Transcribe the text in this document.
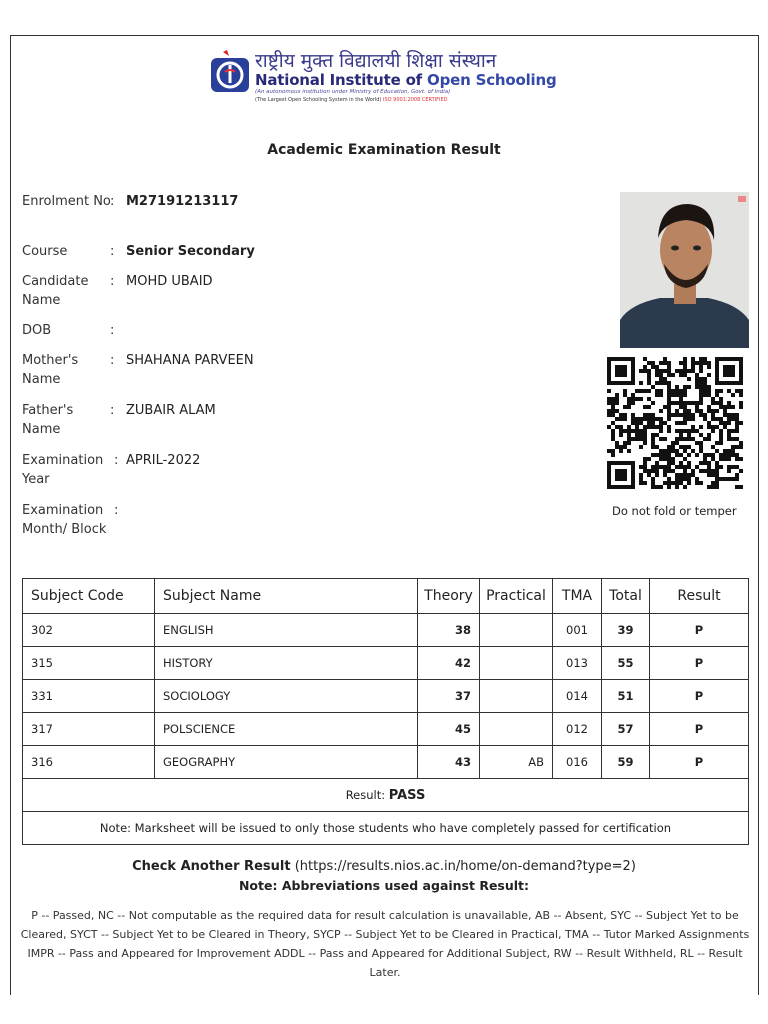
राष्ट्रीय मुक्त विद्यालयी शिक्षा संस्थान
National Institute of Open Schooling
(An autonomous institution under Ministry of Education, Govt. of India)
(The Largest Open Schooling System in the World) ISO 9001:2008 CERTIFIED
Academic Examination Result
Enrolment No : M27191213117
Course	: Senior Secondary
Candidate Name
: MOHD UBAID
DOB	:
Mother's Name
: SHAHANA PARVEEN
Father's Name
: ZUBAIR ALAM
Examination Year
: APRIL-2022
Examination Month/ Block
:	Do not fold or temper
Subject Code	Subject Name	Theory	Practical	TMA	Total	Result
302	ENGLISH	38		001	39	P
315	HISTORY	42		013	55	P
331	SOCIOLOGY	37		014	51	P
317	POLSCIENCE	45		012	57	P
316	GEOGRAPHY	43	AB	016	59	P
Result: PASS						
Note: Marksheet will be issued to only those students who have completely passed for certification						
Check Another Result (https://results.nios.ac.in/home/on-demand?type=2)
Note: Abbreviations used against Result:
P -- Passed, NC -- Not computable as the required data for result calculation is unavailable, AB -- Absent, SYC -- Subject Yet to be Cleared, SYCT -- Subject Yet to be Cleared in Theory, SYCP -- Subject Yet to be Cleared in Practical, TMA -- Tutor Marked Assignments IMPR -- Pass and Appeared for Improvement ADDL -- Pass and Appeared for Additional Subject, RW -- Result Withheld, RL -- Result Later.
